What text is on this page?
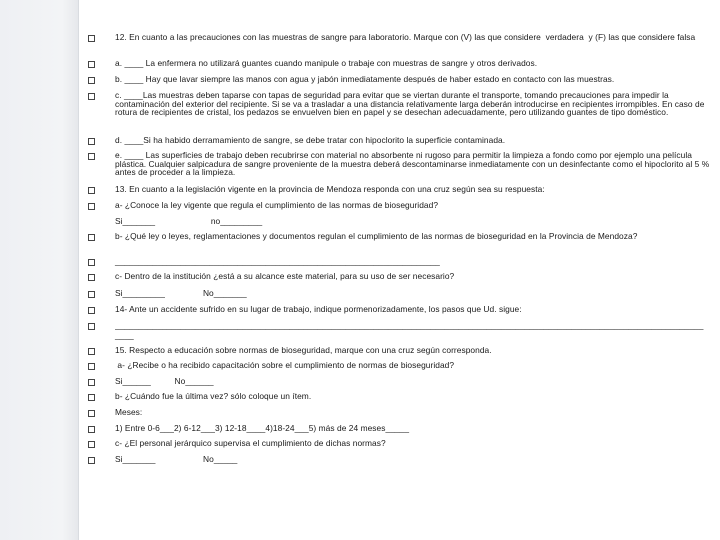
12. En cuanto a las precauciones con las muestras de sangre para laboratorio. Marque con (V) las que considere  verdadera  y (F) las que considere falsa
a. ____ La enfermera no utilizará guantes cuando manipule o trabaje con muestras de sangre y otros derivados.
b. ____ Hay que lavar siempre las manos con agua y jabón inmediatamente después de haber estado en contacto con las muestras.
c. ____Las muestras deben taparse con tapas de seguridad para evitar que se viertan durante el transporte, tomando precauciones para impedir la contaminación del exterior del recipiente. Si se va a trasladar a una distancia relativamente larga deberán introducirse en recipientes irrompibles. En caso de rotura de recipientes de cristal, los pedazos se envuelven bien en papel y se desechan adecuadamente, pero utilizando guantes de tipo doméstico.
d. ____Si ha habido derramamiento de sangre, se debe tratar con hipoclorito la superficie contaminada.
e. ____ Las superficies de trabajo deben recubrirse con material no absorbente ni rugoso para permitir la limpieza a fondo como por ejemplo una película plástica. Cualquier salpicadura de sangre proveniente de la muestra deberá descontaminarse inmediatamente con un desinfectante como el hipoclorito al 5 % antes de proceder a la limpieza.
13. En cuanto a la legislación vigente en la provincia de Mendoza responda con una cruz según sea su respuesta:
a- ¿Conoce la ley vigente que regula el cumplimiento de las normas de bioseguridad?
Si_______                        no_________
b- ¿Qué ley o leyes, reglamentaciones y documentos regulan el cumplimiento de las normas de bioseguridad en la Provincia de Mendoza?
_____________________________________________________________________
c- Dentro de la institución ¿está a su alcance este material, para su uso de ser necesario?
Si_________                No_______
14- Ante un accidente sufrido en su lugar de trabajo, indique pormenorizadamente, los pasos que Ud. sigue:
_____________________________________________________________________________________________________________________________
____
15. Respecto a educación sobre normas de bioseguridad, marque con una cruz según corresponda.
a- ¿Recibe o ha recibido capacitación sobre el cumplimiento de normas de bioseguridad?
Si______          No______
b- ¿Cuándo fue la última vez? sólo coloque un ítem.
Meses:
1) Entre 0-6___2) 6-12___3) 12-18____4)18-24___5) más de 24 meses_____
c- ¿El personal jerárquico supervisa el cumplimiento de dichas normas?
Si_______                    No_____
